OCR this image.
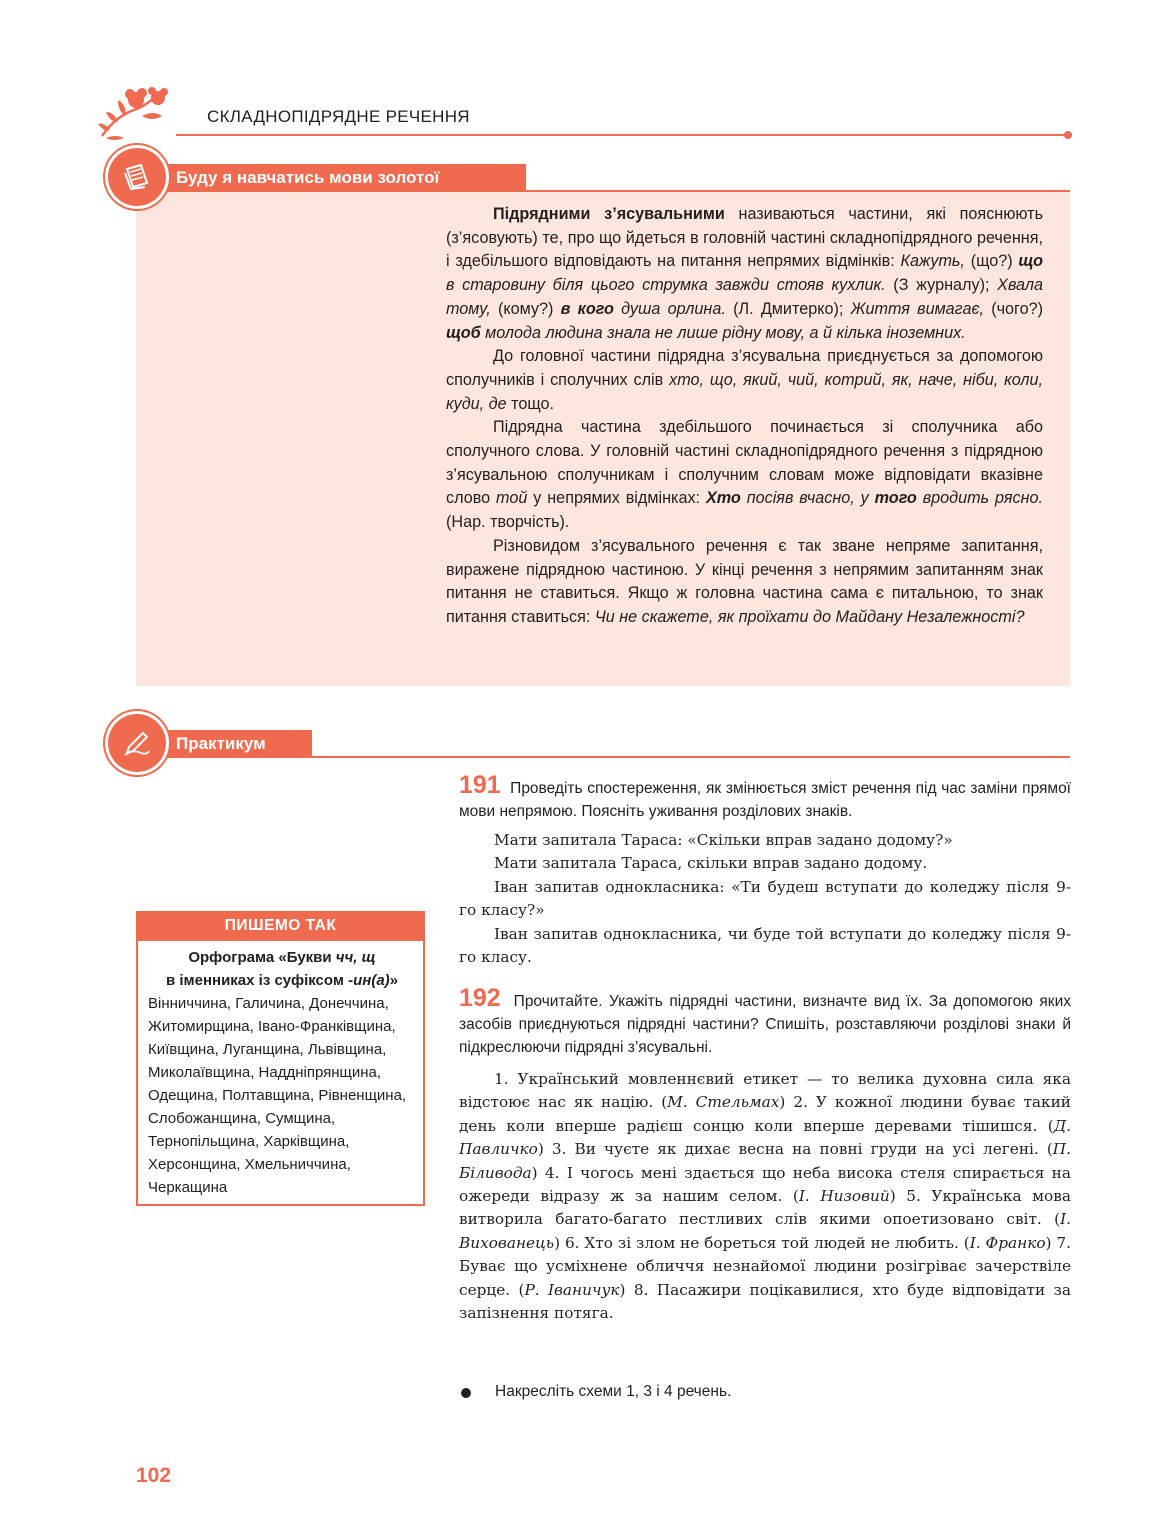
СКЛАДНОПІДРЯДНЕ РЕЧЕННЯ
Буду я навчатись мови золотої

Підрядними з’ясувальними називаються частини, які пояснюють (з’ясовують) те, про що йдеться в головній частині складнопідрядного речення, і здебільшого відповідають на питання непрямих відмінків: Кажуть, (що?) що в старовину біля цього струмка завжди стояв кухлик. (З журналу); Хвала тому, (кому?) в кого душа орлина. (Л. Дмитерко); Життя вимагає, (чого?) щоб молода людина знала не лише рідну мову, а й кілька іноземних.

До головної частини підрядна з’ясувальна приєднується за допомогою сполучників і сполучних слів хто, що, який, чий, котрий, як, наче, ніби, коли, куди, де тощо.

Підрядна частина здебільшого починається зі сполучника або сполучного слова. У головній частині складнопідрядного речення з підрядною з’ясувальною сполучникам і сполучним словам може відповідати вказівне слово той у непрямих відмінках: Хто посіяв вчасно, у того вродить рясно. (Нар. творчість).

Різновидом з’ясувального речення є так зване непряме запитання, виражене підрядною частиною. У кінці речення з непрямим запитанням знак питання не ставиться. Якщо ж головна частина сама є питальною, то знак питання ставиться: Чи не скажете, як проїхати до Майдану Незалежності?

Практикум
191 Проведіть спостереження, як змінюється зміст речення під час заміни прямої мови непрямою. Поясніть уживання розділових знаків.

Мати запитала Тараса: «Скільки вправ задано додому?»

Мати запитала Тараса, скільки вправ задано додому.

Іван запитав однокласника: «Ти будеш вступати до коледжу після 9-го класу?»

Іван запитав однокласника, чи буде той вступати до коледжу після 9-го класу.

ПИШЕМО ТАК
Орфограма «Букви чч, щ
в іменниках із суфіксом -ин(а)»
Вінниччина, Галичина, Донеччина, Житомирщина, Івано-Франківщина, Київщина, Луганщина, Львівщина, Миколаївщина, Наддніпрянщина, Одещина, Полтавщина, Рівненщина, Слобожанщина, Сумщина, Тернопільщина, Харківщина, Херсонщина, Хмельниччина, Черкащина
192 Прочитайте. Укажіть підрядні частини, визначте вид їх. За допомогою яких засобів приєднуються підрядні частини? Спишіть, розставляючи розділові знаки й підкреслюючи підрядні з’ясувальні.

1. Український мовленнєвий етикет — то велика духовна сила яка відстоює нас як націю. (М. Стельмах) 2. У кожної людини буває такий день коли вперше радієш сонцю коли вперше деревами тішишся. (Д. Павличко) 3. Ви чуєте як дихає весна на повні груди на усі легені. (П. Біливода) 4. І чогось мені здається що неба висока стеля спирається на ожереди відразу ж за нашим селом. (І. Низовий) 5. Українська мова витворила багато-багато пестливих слів якими опоетизовано світ. (І. Вихованець) 6. Хто зі злом не бореться той людей не любить. (І. Франко) 7. Буває що усміхнене обличчя незнайомої людини розігріває зачерствіле серце. (Р. Іваничук) 8. Пасажири поцікавилися, хто буде відповідати за запізнення потяга.

Накресліть схеми 1, 3 і 4 речень.
102
